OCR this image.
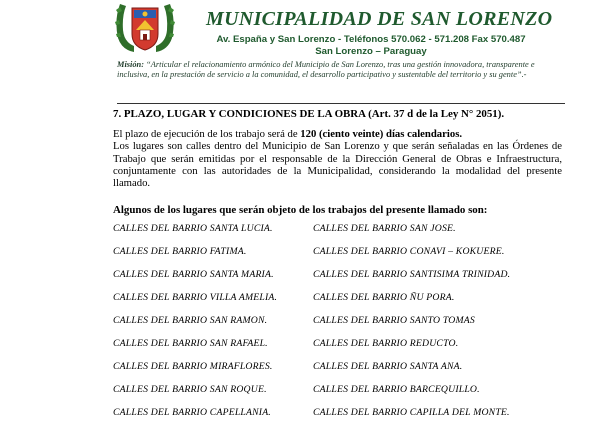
MUNICIPALIDAD DE SAN LORENZO
Av. España y San Lorenzo - Teléfonos 570.062 - 571.208 Fax 570.487
San Lorenzo – Paraguay
Misión: “Articular el relacionamiento armónico del Municipio de San Lorenzo, tras una gestión innovadora, transparente e inclusiva, en la prestación de servicio a la comunidad, el desarrollo participativo y sustentable del territorio y su gente”.-
7. PLAZO, LUGAR Y CONDICIONES DE LA OBRA (Art. 37 d de la Ley N° 2051).
El plazo de ejecución de los trabajo será de 120 (ciento veinte) días calendarios.
Los lugares son calles dentro del Municipio de San Lorenzo y que serán señaladas en las Órdenes de Trabajo que serán emitidas por el responsable de la Dirección General de Obras e Infraestructura, conjuntamente con las autoridades de la Municipalidad, considerando la modalidad del presente llamado.
Algunos de los lugares que serán objeto de los trabajos del presente llamado son:
CALLES DEL BARRIO SANTA LUCIA.
CALLES DEL BARRIO FATIMA.
CALLES DEL BARRIO SANTA MARIA.
CALLES DEL BARRIO VILLA AMELIA.
CALLES DEL BARRIO SAN RAMON.
CALLES DEL BARRIO SAN RAFAEL.
CALLES DEL BARRIO MIRAFLORES.
CALLES DEL BARRIO SAN ROQUE.
CALLES DEL BARRIO CAPELLANIA.
CALLES DEL BARRIO SAN JOSE.
CALLES DEL BARRIO CONAVI – KOKUERE.
CALLES DEL BARRIO SANTISIMA TRINIDAD.
CALLES DEL BARRIO ÑU PORA.
CALLES DEL BARRIO SANTO TOMAS
CALLES DEL BARRIO REDUCTO.
CALLES DEL BARRIO SANTA ANA.
CALLES DEL BARRIO BARCEQUILLO.
CALLES DEL BARRIO CAPILLA DEL MONTE.
